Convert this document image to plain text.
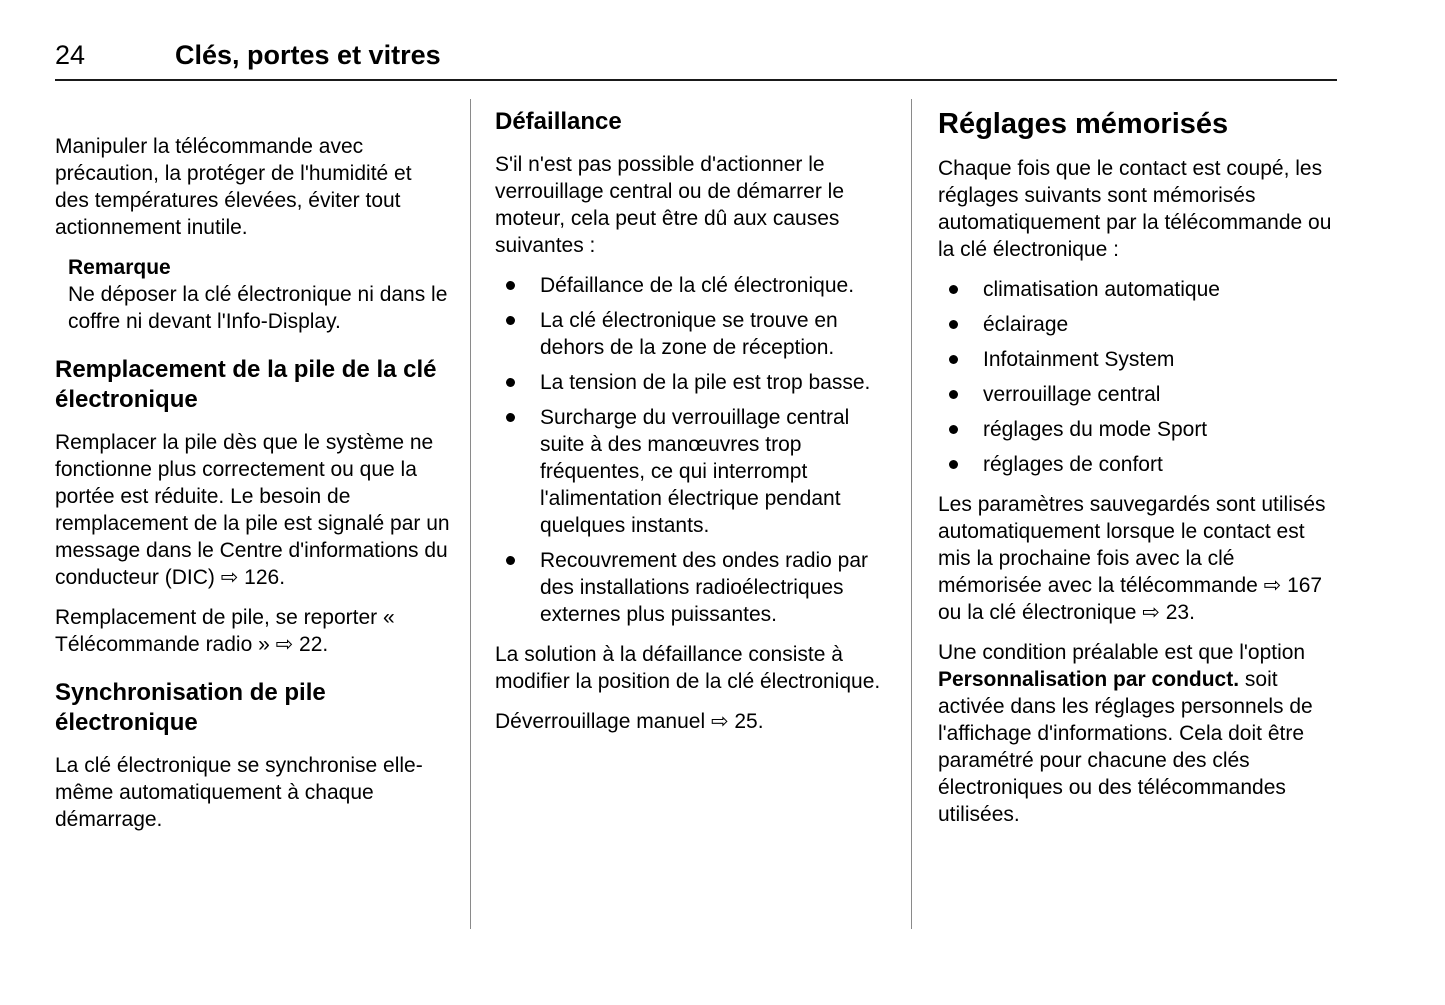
24	Clés, portes et vitres

Manipuler la télécommande avec précaution, la protéger de l'humidité et des températures élevées, éviter tout actionnement inutile.

Remarque

Ne déposer la clé électronique ni dans le coffre ni devant l'Info-Display.

Remplacement de la pile de la clé électronique

Remplacer la pile dès que le système ne fonctionne plus correctement ou que la portée est réduite. Le besoin de remplacement de la pile est signalé par un message dans le Centre d'informations du conducteur (DIC) ⇨ 126.

Remplacement de pile, se reporter « Télécommande radio » ⇨ 22.

Synchronisation de pile électronique

La clé électronique se synchronise elle-même automatiquement à chaque démarrage.

Défaillance

S'il n'est pas possible d'actionner le verrouillage central ou de démarrer le moteur, cela peut être dû aux causes suivantes :

Défaillance de la clé électronique.
La clé électronique se trouve en dehors de la zone de réception.
La tension de la pile est trop basse.
Surcharge du verrouillage central suite à des manœuvres trop fréquentes, ce qui interrompt l'alimentation électrique pendant quelques instants.
Recouvrement des ondes radio par des installations radioélectriques externes plus puissantes.

La solution à la défaillance consiste à modifier la position de la clé électronique.

Déverrouillage manuel ⇨ 25.

Réglages mémorisés

Chaque fois que le contact est coupé, les réglages suivants sont mémorisés automatiquement par la télécommande ou la clé électronique :

climatisation automatique
éclairage
Infotainment System
verrouillage central
réglages du mode Sport
réglages de confort

Les paramètres sauvegardés sont utilisés automatiquement lorsque le contact est mis la prochaine fois avec la clé mémorisée avec la télécommande ⇨ 167 ou la clé électronique ⇨ 23.

Une condition préalable est que l'option Personnalisation par conduct. soit activée dans les réglages personnels de l'affichage d'informations. Cela doit être paramétré pour chacune des clés électroniques ou des télécommandes utilisées.
